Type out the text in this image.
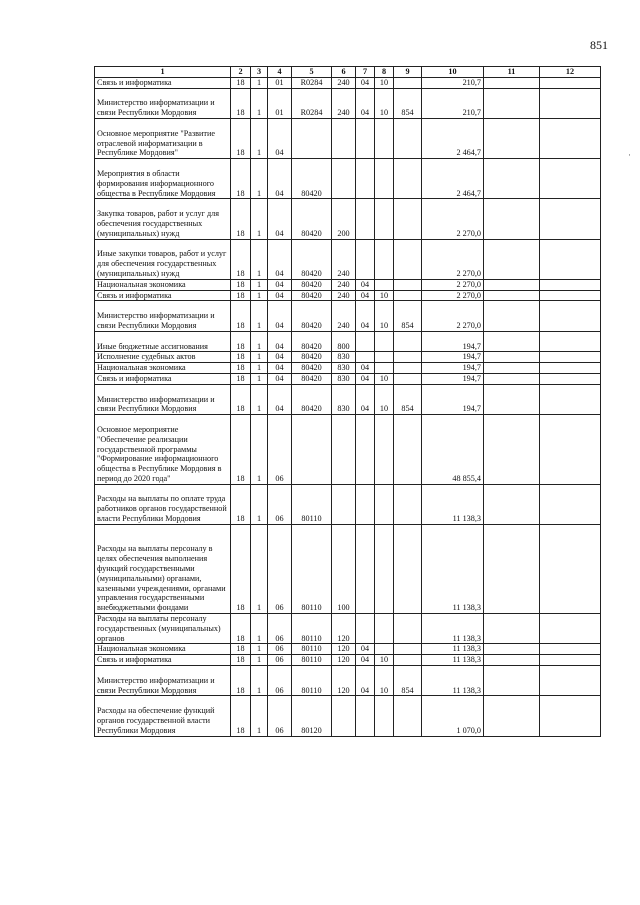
851
·
1	2	3	4	5	6	7	8	9	10	11	12
Связь и информатика	18	1	01	R0284	240	04	10		210,7		
Министерство информатизации и связи Республики Мордовия	18	1	01	R0284	240	04	10	854	210,7		
Основное мероприятие "Развитие отраслевой информатизации в Республике Мордовия"	18	1	04						2 464,7		
Мероприятия в области формирования информационного общества в Республике Мордовия	18	1	04	80420					2 464,7		
Закупка товаров, работ и услуг для обеспечения государственных (муниципальных) нужд	18	1	04	80420	200				2 270,0		
Иные закупки товаров, работ и услуг для обеспечения государственных (муниципальных) нужд	18	1	04	80420	240				2 270,0		
Национальная экономика	18	1	04	80420	240	04			2 270,0		
Связь и информатика	18	1	04	80420	240	04	10		2 270,0		
Министерство информатизации и связи Республики Мордовия	18	1	04	80420	240	04	10	854	2 270,0		
Иные бюджетные ассигнования	18	1	04	80420	800				194,7		
Исполнение судебных актов	18	1	04	80420	830				194,7		
Национальная экономика	18	1	04	80420	830	04			194,7		
Связь и информатика	18	1	04	80420	830	04	10		194,7		
Министерство информатизации и связи Республики Мордовия	18	1	04	80420	830	04	10	854	194,7		
Основное мероприятие "Обеспечение реализации государственной программы "Формирование информационного общества в Республике Мордовия в период до 2020 года"	18	1	06						48 855,4		
Расходы на выплаты по оплате труда работников органов государственной власти Республики Мордовия	18	1	06	80110					11 138,3		
Расходы на выплаты персоналу в целях обеспечения выполнения функций государственными (муниципальными) органами, казенными учреждениями, органами управления государственными внебюджетными фондами	18	1	06	80110	100				11 138,3		
Расходы на выплаты персоналу государственных (муниципальных) органов	18	1	06	80110	120				11 138,3		
Национальная экономика	18	1	06	80110	120	04			11 138,3		
Связь и информатика	18	1	06	80110	120	04	10		11 138,3		
Министерство информатизации и связи Республики Мордовия	18	1	06	80110	120	04	10	854	11 138,3		
Расходы на обеспечение функций органов государственной власти Республики Мордовия	18	1	06	80120					1 070,0		
